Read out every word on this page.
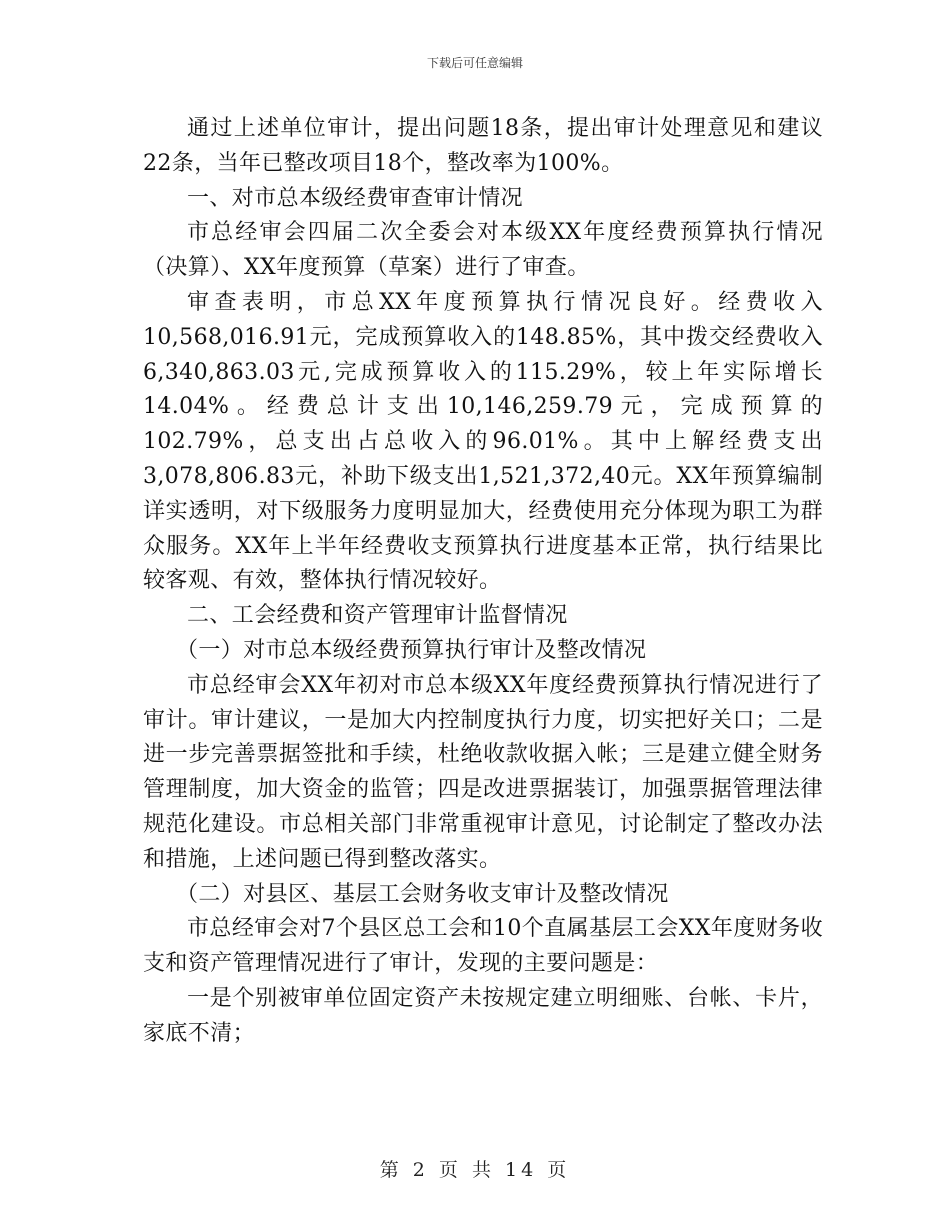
下载后可任意编辑

通过上述单位审计，提出问题18条，提出审计处理意见和建议22条，当年已整改项目18个，整改率为100%。

一、对市总本级经费审查审计情况

市总经审会四届二次全委会对本级XX年度经费预算执行情况（决算）、XX年度预算（草案）进行了审查。

审查表明，市总XX年度预算执行情况良好。经费收入10,568,016.91元，完成预算收入的148.85%，其中拨交经费收入6,340,863.03元,完成预算收入的115.29%，较上年实际增长14.04%。经费总计支出10,146,259.79元，完成预算的102.79%，总支出占总收入的96.01%。其中上解经费支出3,078,806.83元，补助下级支出1,521,372,40元。XX年预算编制详实透明，对下级服务力度明显加大，经费使用充分体现为职工为群众服务。XX年上半年经费收支预算执行进度基本正常，执行结果比较客观、有效，整体执行情况较好。

二、工会经费和资产管理审计监督情况

（一）对市总本级经费预算执行审计及整改情况

市总经审会XX年初对市总本级XX年度经费预算执行情况进行了审计。审计建议，一是加大内控制度执行力度，切实把好关口；二是进一步完善票据签批和手续，杜绝收款收据入帐；三是建立健全财务管理制度，加大资金的监管；四是改进票据装订，加强票据管理法律规范化建设。市总相关部门非常重视审计意见，讨论制定了整改办法和措施，上述问题已得到整改落实。

（二）对县区、基层工会财务收支审计及整改情况

市总经审会对7个县区总工会和10个直属基层工会XX年度财务收支和资产管理情况进行了审计，发现的主要问题是：

一是个别被审单位固定资产未按规定建立明细账、台帐、卡片，家底不清；

第 2 页 共 14 页
